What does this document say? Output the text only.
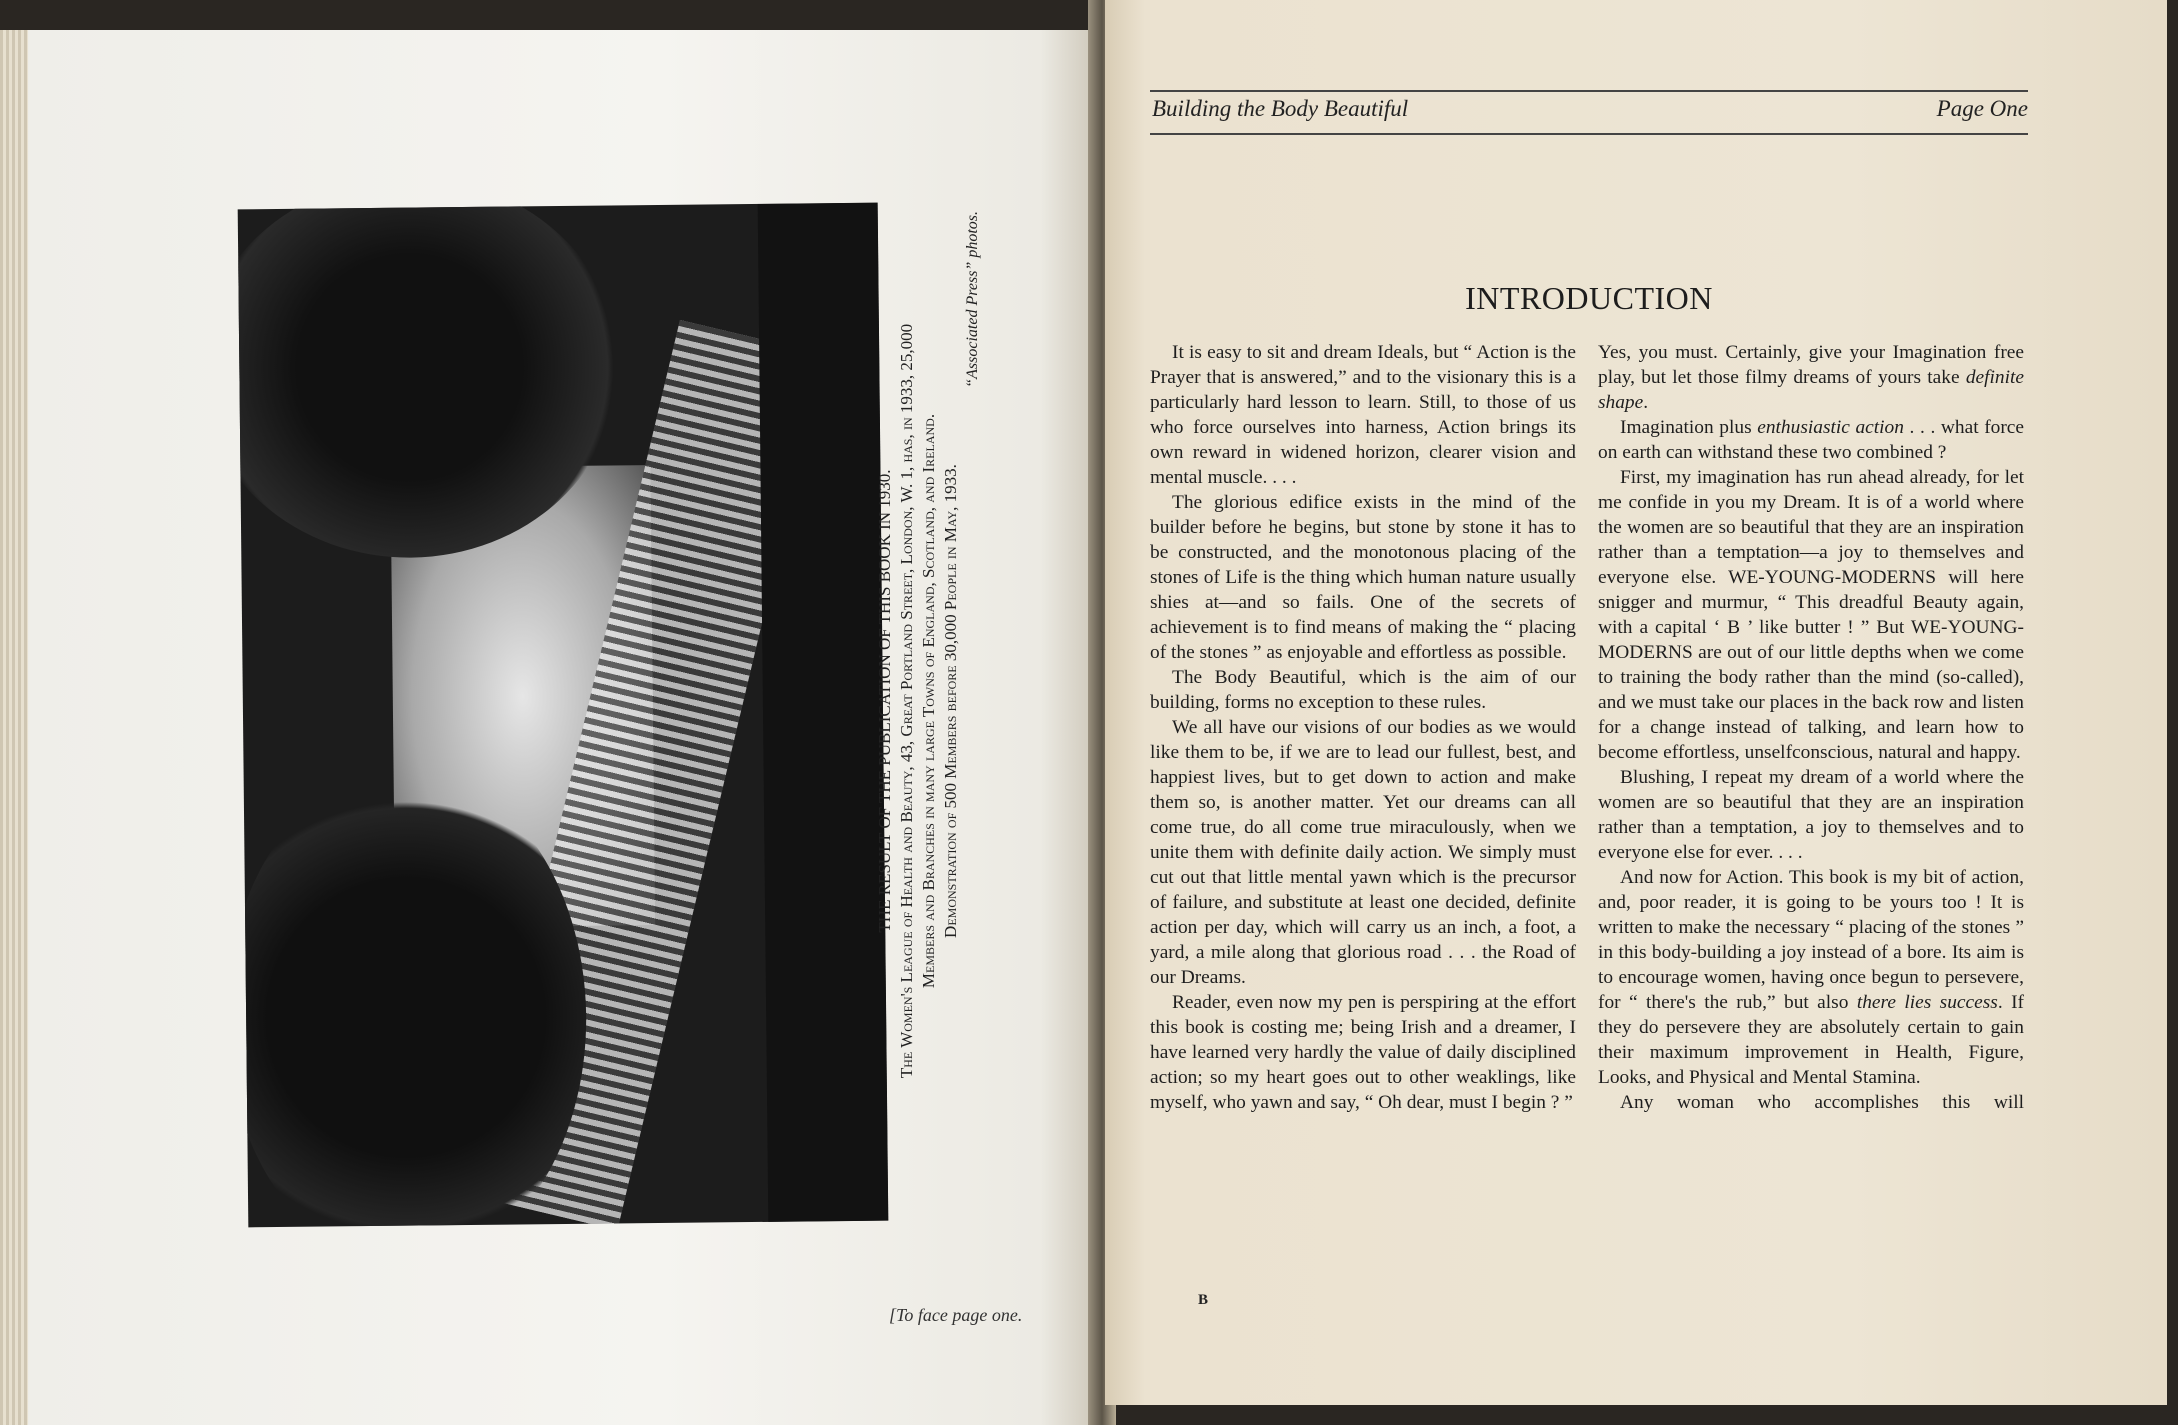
THE RESULT OF THE PUBLICATION OF THIS BOOK IN 1930. The Women's League of Health and Beauty, 43, Great Portland Street, London, W. 1, has, in 1933, 25,000 Members and Branches in many large Towns of England, Scotland, and Ireland. Demonstration of 500 Members before 30,000 People in May, 1933.
“Associated Press” photos.
[To face page one.
Building the Body Beautiful	Page One
INTRODUCTION

It is easy to sit and dream Ideals, but “ Action is the Prayer that is answered,” and to the visionary this is a particularly hard lesson to learn. Still, to those of us who force ourselves into harness, Action brings its own reward in widened horizon, clearer vision and mental muscle. . . .

The glorious edifice exists in the mind of the builder before he begins, but stone by stone it has to be constructed, and the monotonous placing of the stones of Life is the thing which human nature usually shies at—and so fails. One of the secrets of achievement is to find means of making the “ placing of the stones ” as enjoyable and effortless as possible.

The Body Beautiful, which is the aim of our building, forms no exception to these rules.

We all have our visions of our bodies as we would like them to be, if we are to lead our fullest, best, and happiest lives, but to get down to action and make them so, is another matter. Yet our dreams can all come true, do all come true miraculously, when we unite them with definite daily action. We simply must cut out that little mental yawn which is the precursor of failure, and substitute at least one decided, definite action per day, which will carry us an inch, a foot, a yard, a mile along that glorious road . . . the Road of our Dreams.

Reader, even now my pen is perspiring at the effort this book is costing me; being Irish and a dreamer, I have learned very hardly the value of daily disciplined action; so my heart goes out to other weaklings, like myself, who yawn and say, “ Oh dear, must I begin ? ”

Yes, you must. Certainly, give your Imagination free play, but let those filmy dreams of yours take definite shape.

Imagination plus enthusiastic action . . . what force on earth can withstand these two combined ?

First, my imagination has run ahead already, for let me confide in you my Dream. It is of a world where the women are so beautiful that they are an inspiration rather than a temptation—a joy to themselves and everyone else. WE-YOUNG-MODERNS will here snigger and murmur, “ This dreadful Beauty again, with a capital ‘ B ’ like butter ! ” But WE-YOUNG-MODERNS are out of our little depths when we come to training the body rather than the mind (so-called), and we must take our places in the back row and listen for a change instead of talking, and learn how to become effortless, unselfconscious, natural and happy.

Blushing, I repeat my dream of a world where the women are so beautiful that they are an inspiration rather than a temptation, a joy to themselves and to everyone else for ever. . . .

And now for Action. This book is my bit of action, and, poor reader, it is going to be yours too ! It is written to make the necessary “ placing of the stones ” in this body-building a joy instead of a bore. Its aim is to encourage women, having once begun to persevere, for “ there's the rub,” but also there lies success. If they do persevere they are absolutely certain to gain their maximum improvement in Health, Figure, Looks, and Physical and Mental Stamina.

Any woman who accomplishes this will

B
